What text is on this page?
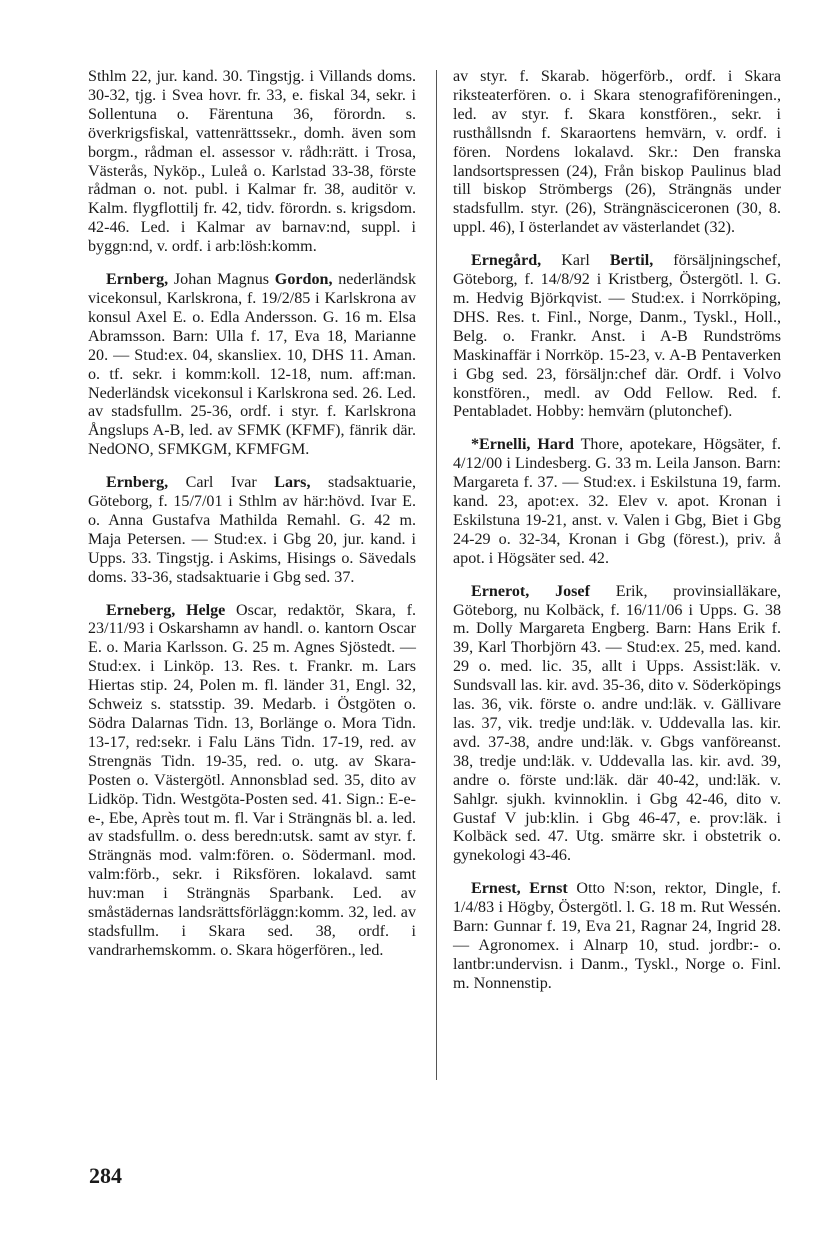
Sthlm 22, jur. kand. 30. Tingstjg. i Villands doms. 30-32, tjg. i Svea hovr. fr. 33, e. fiskal 34, sekr. i Sollentuna o. Färentuna 36, förordn. s. överkrigsfiskal, vattenrättssekr., domh. även som borgm., rådman el. assessor v. rådh:rätt. i Trosa, Västerås, Nyköp., Luleå o. Karlstad 33-38, förste rådman o. not. publ. i Kalmar fr. 38, auditör v. Kalm. flygflottilj fr. 42, tidv. förordn. s. krigsdom. 42-46. Led. i Kalmar av barnav:nd, suppl. i byggn:nd, v. ordf. i arb:lösh:komm.

Ernberg, Johan Magnus Gordon, nederländsk vicekonsul, Karlskrona, f. 19/2/85 i Karlskrona av konsul Axel E. o. Edla Andersson. G. 16 m. Elsa Abramsson. Barn: Ulla f. 17, Eva 18, Marianne 20. — Stud:ex. 04, skansliex. 10, DHS 11. Aman. o. tf. sekr. i komm:koll. 12-18, num. aff:man. Nederländsk vicekonsul i Karlskrona sed. 26. Led. av stadsfullm. 25-36, ordf. i styr. f. Karlskrona Ångslups A-B, led. av SFMK (KFMF), fänrik där. NedONO, SFMKGM, KFMFGM.

Ernberg, Carl Ivar Lars, stadsaktuarie, Göteborg, f. 15/7/01 i Sthlm av här:hövd. Ivar E. o. Anna Gustafva Mathilda Remahl. G. 42 m. Maja Petersen. — Stud:ex. i Gbg 20, jur. kand. i Upps. 33. Tingstjg. i Askims, Hisings o. Sävedals doms. 33-36, stadsaktuarie i Gbg sed. 37.

Erneberg, Helge Oscar, redaktör, Skara, f. 23/11/93 i Oskarshamn av handl. o. kantorn Oscar E. o. Maria Karlsson. G. 25 m. Agnes Sjöstedt. — Stud:ex. i Linköp. 13. Res. t. Frankr. m. Lars Hiertas stip. 24, Polen m. fl. länder 31, Engl. 32, Schweiz s. statsstip. 39. Medarb. i Östgöten o. Södra Dalarnas Tidn. 13, Borlänge o. Mora Tidn. 13-17, red:sekr. i Falu Läns Tidn. 17-19, red. av Strengnäs Tidn. 19-35, red. o. utg. av Skara-Posten o. Västergötl. Annonsblad sed. 35, dito av Lidköp. Tidn. Westgöta-Posten sed. 41. Sign.: E-e-e-, Ebe, Après tout m. fl. Var i Strängnäs bl. a. led. av stadsfullm. o. dess beredn:utsk. samt av styr. f. Strängnäs mod. valm:fören. o. Södermanl. mod. valm:förb., sekr. i Riksfören. lokalavd. samt huv:man i Strängnäs Sparbank. Led. av småstädernas landsrättsförläggn:komm. 32, led. av stadsfullm. i Skara sed. 38, ordf. i vandrarhemskomm. o. Skara högerfören., led.

av styr. f. Skarab. högerförb., ordf. i Skara riksteaterfören. o. i Skara stenografiföreningen., led. av styr. f. Skara konstfören., sekr. i rusthållsndn f. Skaraortens hemvärn, v. ordf. i fören. Nordens lokalavd. Skr.: Den franska landsortspressen (24), Från biskop Paulinus blad till biskop Strömbergs (26), Strängnäs under stadsfullm. styr. (26), Strängnäsciceronen (30, 8. uppl. 46), I österlandet av västerlandet (32).

Ernegård, Karl Bertil, försäljningschef, Göteborg, f. 14/8/92 i Kristberg, Östergötl. l. G. m. Hedvig Björkqvist. — Stud:ex. i Norrköping, DHS. Res. t. Finl., Norge, Danm., Tyskl., Holl., Belg. o. Frankr. Anst. i A-B Rundströms Maskinaffär i Norrköp. 15-23, v. A-B Pentaverken i Gbg sed. 23, försäljn:chef där. Ordf. i Volvo konstfören., medl. av Odd Fellow. Red. f. Pentabladet. Hobby: hemvärn (plutonchef).

*Ernelli, Hard Thore, apotekare, Högsäter, f. 4/12/00 i Lindesberg. G. 33 m. Leila Janson. Barn: Margareta f. 37. — Stud:ex. i Eskilstuna 19, farm. kand. 23, apot:ex. 32. Elev v. apot. Kronan i Eskilstuna 19-21, anst. v. Valen i Gbg, Biet i Gbg 24-29 o. 32-34, Kronan i Gbg (förest.), priv. å apot. i Högsäter sed. 42.

Ernerot, Josef Erik, provinsialläkare, Göteborg, nu Kolbäck, f. 16/11/06 i Upps. G. 38 m. Dolly Margareta Engberg. Barn: Hans Erik f. 39, Karl Thorbjörn 43. — Stud:ex. 25, med. kand. 29 o. med. lic. 35, allt i Upps. Assist:läk. v. Sundsvall las. kir. avd. 35-36, dito v. Söderköpings las. 36, vik. förste o. andre und:läk. v. Gällivare las. 37, vik. tredje und:läk. v. Uddevalla las. kir. avd. 37-38, andre und:läk. v. Gbgs vanföreanst. 38, tredje und:läk. v. Uddevalla las. kir. avd. 39, andre o. förste und:läk. där 40-42, und:läk. v. Sahlgr. sjukh. kvinnoklin. i Gbg 42-46, dito v. Gustaf V jub:klin. i Gbg 46-47, e. prov:läk. i Kolbäck sed. 47. Utg. smärre skr. i obstetrik o. gynekologi 43-46.

Ernest, Ernst Otto N:son, rektor, Dingle, f. 1/4/83 i Högby, Östergötl. l. G. 18 m. Rut Wessén. Barn: Gunnar f. 19, Eva 21, Ragnar 24, Ingrid 28. — Agronomex. i Alnarp 10, stud. jordbr:- o. lantbr:undervisn. i Danm., Tyskl., Norge o. Finl. m. Nonnenstip.

284
